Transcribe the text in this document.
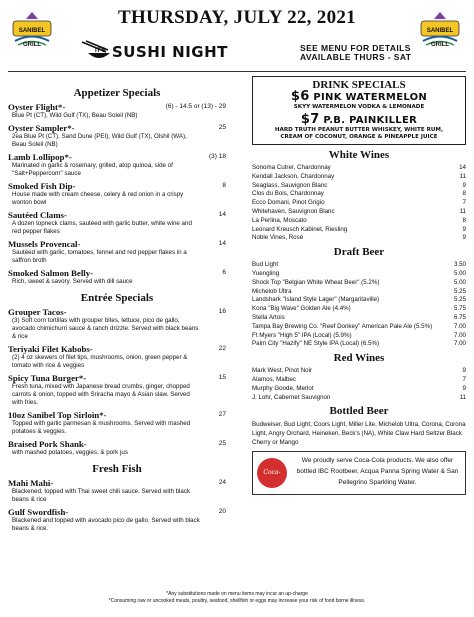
THURSDAY, JULY 22, 2021
SANIBEL GRILL
SANIBEL GRILL
IT'S SUSHI NIGHT	SEE MENU FOR DETAILS
AVAILABLE THURS - SAT
Appetizer Specials
Oyster Flight*-	(6) - 14.5 or (13) - 29
Blue Pt (CT), Wild Gulf (TX), Beau Soleil (NB)
Oyster Sampler*-	25
2ea Blue Pt (CT), Sand Dune (PEI), Wild Gulf (TX), Olshil (WA), Beau Soleil (NB)
Lamb Lollipop*-	(3) 18
Marinated in garlic & rosemary, grilled, atop quinoa, side of "Salt+Peppercorn" sauce
Smoked Fish Dip-	8
House made with cream cheese, celery & red onion in a crispy wonton bowl
Sautéed Clams-	14
A dozen topneck clams, sautéed with garlic butter, white wine and red pepper flakes
Mussels Provencal-	14
Sautéed with garlic, tomatoes, fennel and red pepper flakes in a saffron broth
Smoked Salmon Belly-	6
Rich, sweet & savory. Served with dill sauce
Entrée Specials
Grouper Tacos-	16
(3) Soft corn tortillas with grouper bites, lettuce, pico de gallo, avocado chimichurri sauce & ranch drizzle. Served with black beans & rice
Teriyaki Filet Kabobs-	22
(2) 4 oz skewers of filet tips, mushrooms, onion, green pepper & tomato with rice & veggies
Spicy Tuna Burger*-	15
Fresh tuna, mixed with Japanese bread crumbs, ginger, chopped carrots & onion, topped with Sriracha mayo & Asian slaw. Served with fries.
10oz Sanibel Top Sirloin*-	27
Topped with garlic parmesan & mushrooms. Served with mashed potatoes & veggies.
Braised Pork Shank-	25
with mashed potatoes, veggies, & pork jus
Fresh Fish
Mahi Mahi-	24
Blackened, topped with Thai sweet chili sauce. Served with black beans & rice
Gulf Swordfish-	20
Blackened and topped with avocado pico de gallo. Served with black beans & rice.
DRINK SPECIALS
$6 PINK WATERMELON
SKYY WATERMELON VODKA & LEMONADE
$7 P.B. PAINKILLER
HARD TRUTH PEANUT BUTTER WHISKEY, WHITE RUM,
CREAM OF COCONUT, ORANGE & PINEAPPLE JUICE
White Wines
Sonoma Cutrer, Chardonnay	14
Kendall Jackson, Chardonnay	11
Seaglass, Sauvignon Blanc	9
Clos du Bois, Chardonnay	8
Ecco Domani, Pinot Grigio	7
Whitehaven, Sauvignon Blanc	11
La Perlina, Moscato	8
Leonard Kreusch Kabinet, Riesling	9
Noble Vines, Rosé	9
Draft Beer
Bud Light	3.50
Yuengling	5.00
Shock Top "Belgian White Wheat Beer" (5.2%)	5.00
Michelob Ultra	5.25
Landshark "Island Style Lager" (Margaritaville)	5.25
Kona "Big Wave" Golden Ale (4.4%)	5.75
Stella Artois	6.75
Tampa Bay Brewing Co. "Reef Donkey" American Pale Ale (5.5%)	7.00
Ft Myers "High 5" IPA (Local) (5.9%)	7.00
Palm City "Hazify" NE Style IPA (Local) (6.5%)	7.00
Red Wines
Mark West, Pinot Noir	9
Alamos, Malbec	7
Murphy Goode, Merlot	9
J. Lohr, Cabernet Sauvignon	11
Bottled Beer
Budweiser, Bud Light, Coors Light, Miller Lite, Michelob Ultra, Corona, Corona Light, Angry Orchard, Heineken, Beck's (NA), White Claw Hard Seltzer Black Cherry or Mango
Coca-Cola
We proudly serve Coca-Cola products. We also offer bottled IBC Rootbeer, Acqua Panna Spring Water & San Pellegrino Sparkling Water.
*Any substitutions made on menu items may incur an up-charge
*Consuming raw or uncooked meats, poultry, seafood, shellfish or eggs may increase your risk of food borne illness.
